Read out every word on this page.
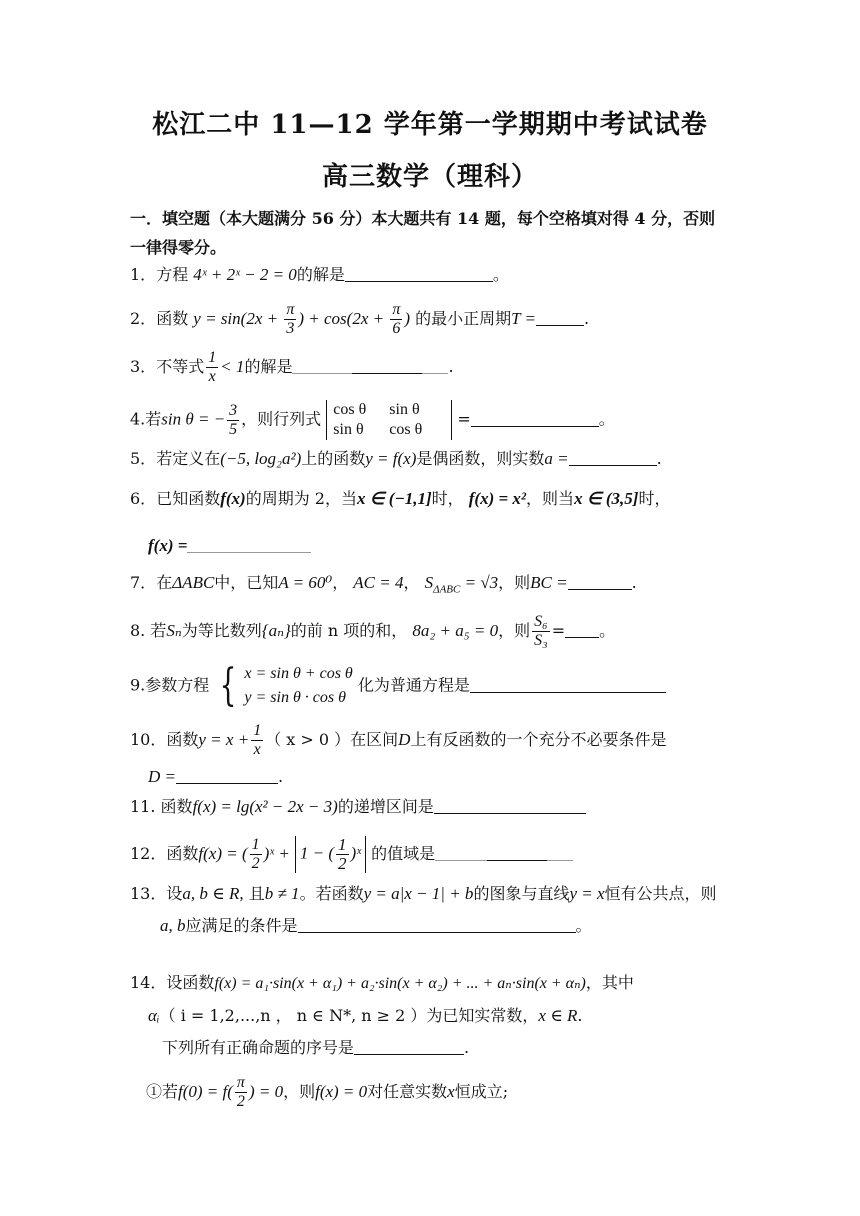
松江二中 11—12 学年第一学期期中考试试卷
高三数学（理科）
一．填空题（本大题满分 56 分）本大题共有 14 题，每个空格填对得 4 分，否则一律得零分。
1．方程 4ˣ + 2ˣ − 2 = 0的解是	。
2．函数 $y = \sin(2x + \frac{\pi}{3}$ ) + $\cos(2x + \frac{\pi}{6}$ ) 的最小正周期T =	.
3．不等式 $\frac{1}{x} < 1$的解是	.
4.若sin θ = − $\frac{3}{5}$ ，则行列式 cos θ sin θ
sin θ cos θ
=	。
5．若定义在(−5, log₂a²)上的函数y = f(x)是偶函数，则实数a =	.
6．已知函数f(x)的周期为 2，当x ∈ (−1,1]时， f(x) = x²，则当x ∈ (3,5]时，
f(x) =
7．在ΔABC中，已知A = 60⁰， AC = 4， $S_{\Delta ABC} = √3$，则BC =	.
8. 若Sₙ为等比数列{aₙ}的前 n 项的和， 8a₂ + a₅ = 0，则 $\frac{\text{S₆}}{\text{S₃}}$ = 。
9.参数方程 { x = sin θ + cos θ
y = sin θ · cos θ
化为普通方程是
10．函数$y = x + \frac{1}{x}$ （ x > 0 ）在区间D上有反函数的一个充分不必要条件是
D =	.
11. 函数f(x) = lg(x² − 2x − 3)的递增区间是
12．函数f(x) = ( $\frac{1}{2}$ )ˣ + 1 − ( $\frac{1}{2}$ )ˣ 的值域是
13．设a, b ∈ R, 且b ≠ 1。若函数y = a|x − 1| + b的图象与直线y = x恒有公共点，则
a, b应满足的条件是	。
14．设函数f(x) = a₁·sin(x + α₁) + a₂·sin(x + α₂) + ... + aₙ·sin(x + αₙ)，其中
αᵢ（ i = 1,2,...,n ， n ∈ N*, n ≥ 2 ）为已知实常数，x ∈ R.
下列所有正确命题的序号是	.
①若$f(0) = f( \frac{\pi}{2}$ ) = 0，则f(x) = 0对任意实数x恒成立;
